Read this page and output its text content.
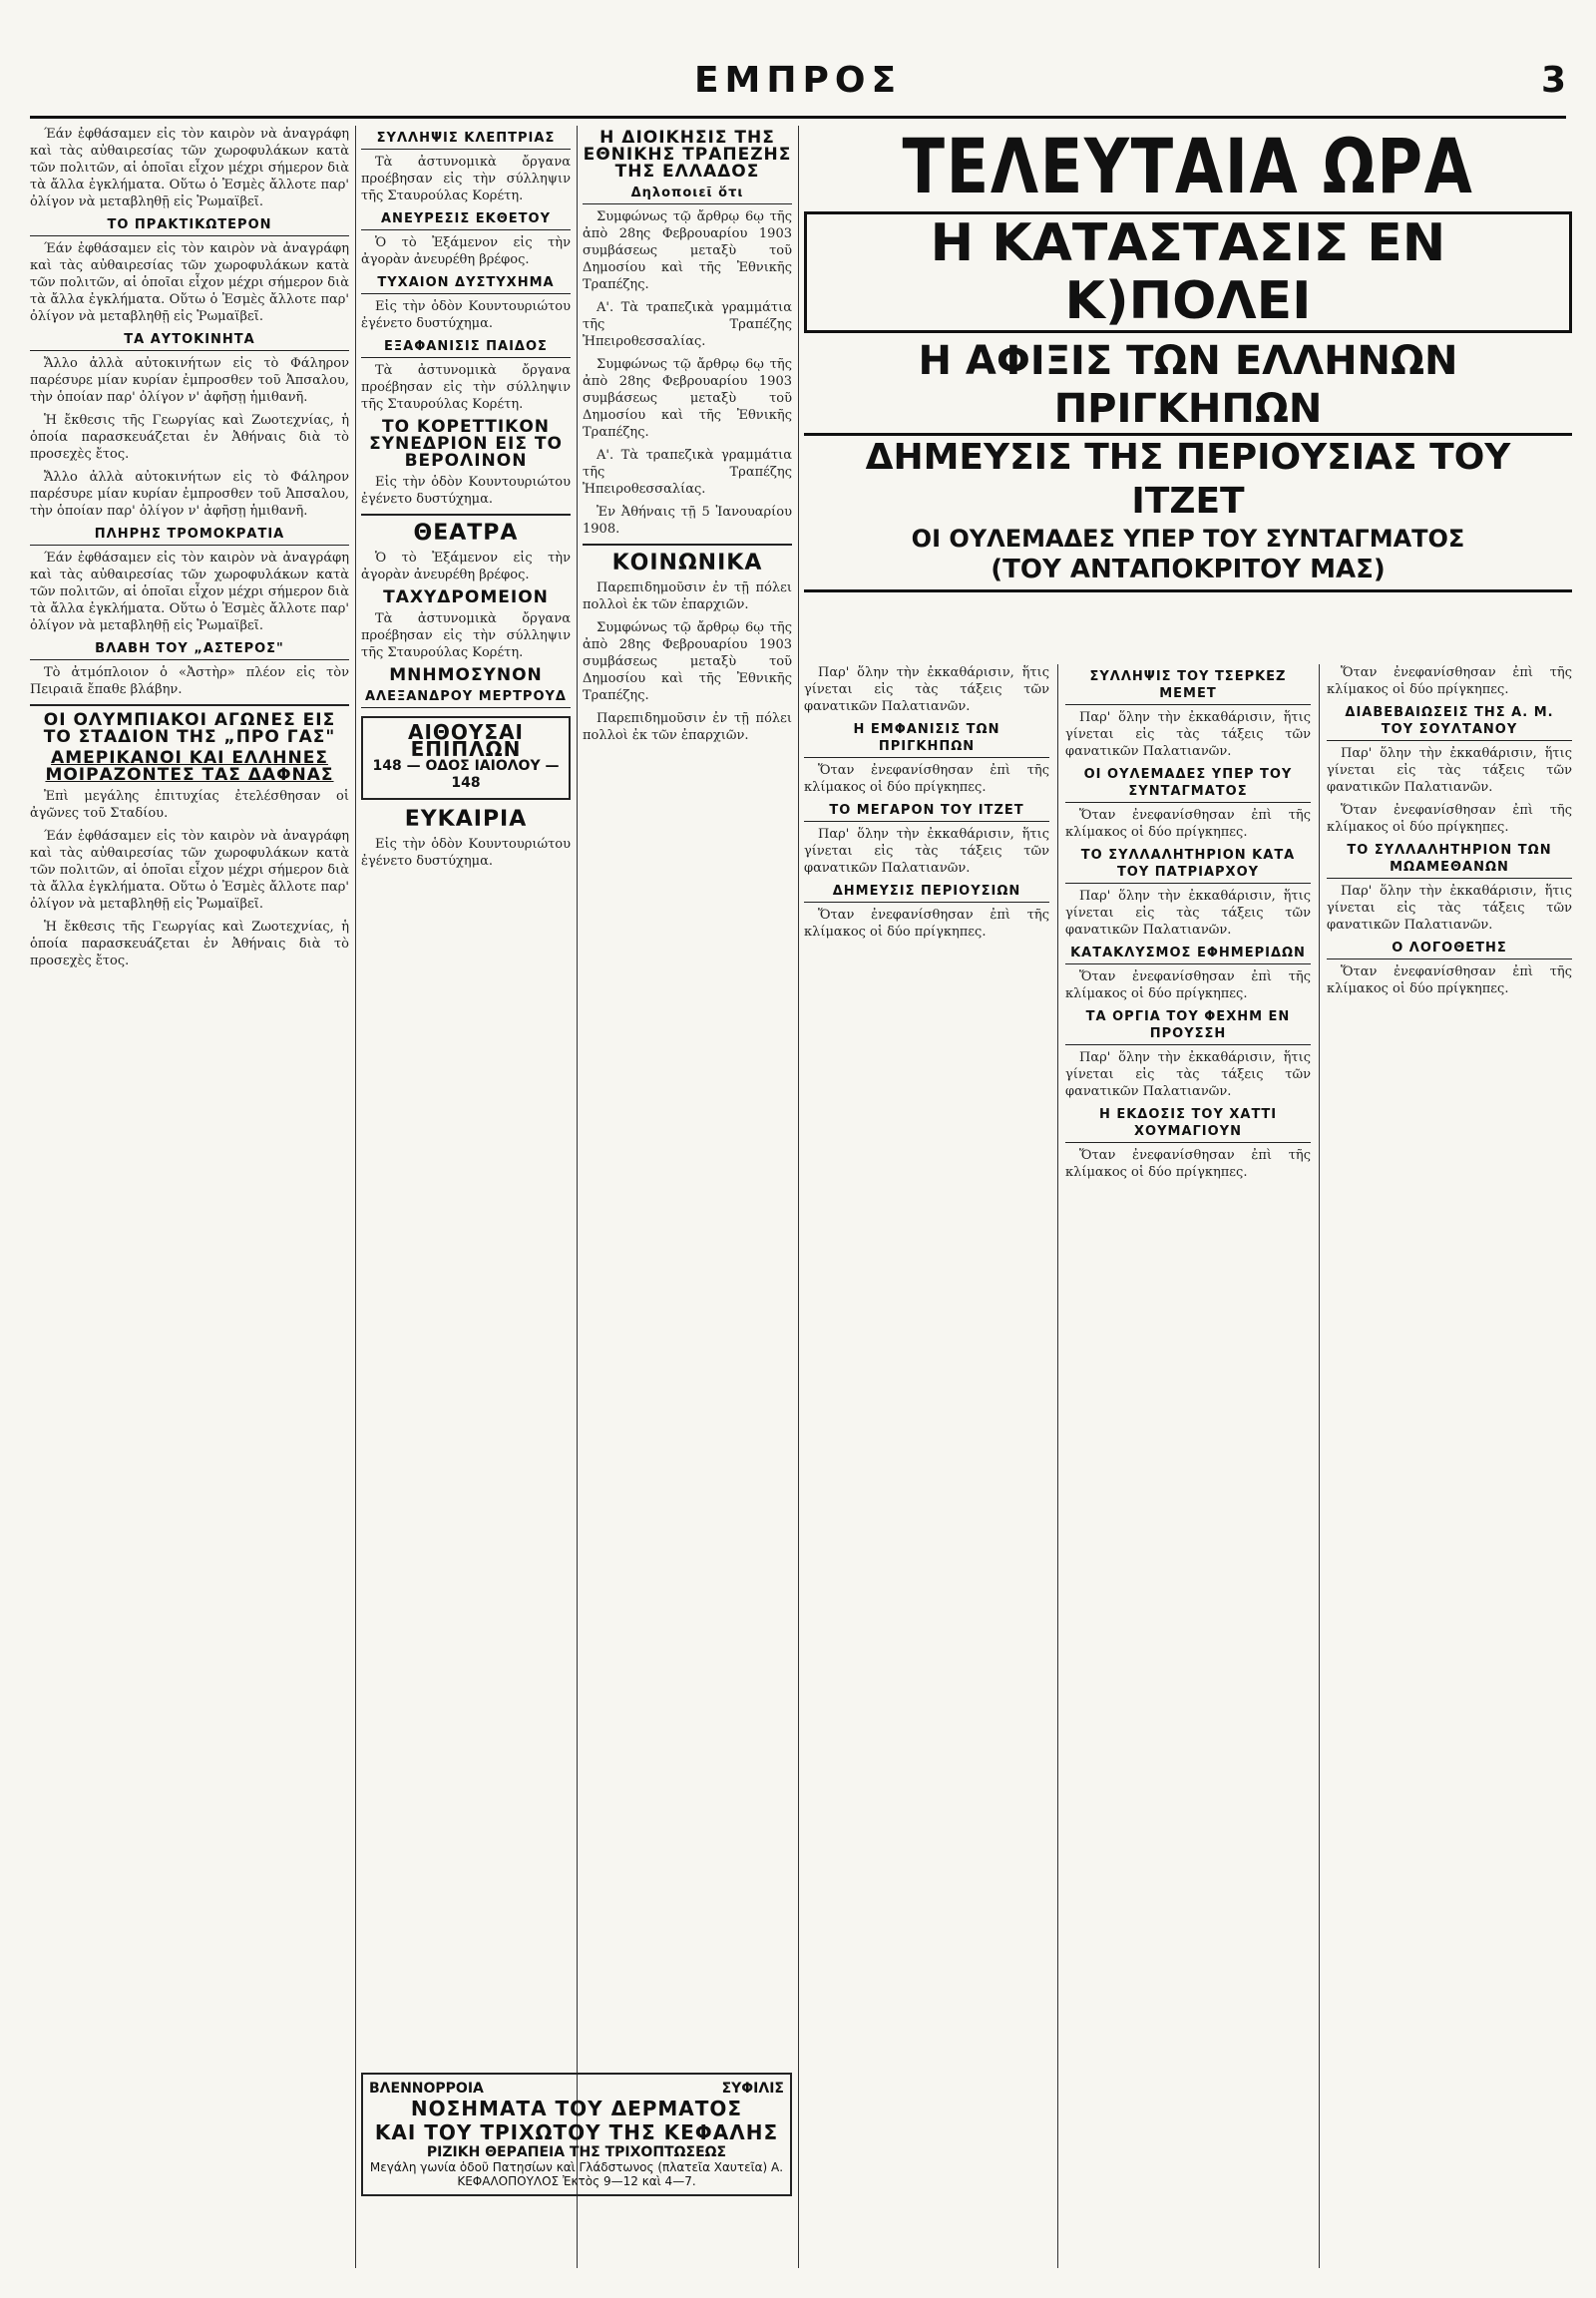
ΕΜΠΡΟΣ	3

Έάν ἐφθάσαμεν εἰς τὸν καιρὸν νὰ ἀναγράφη καὶ τὰς αὐθαιρεσίας τῶν χωροφυλάκων κατὰ τῶν πολιτῶν, αἱ ὁποῖαι εἶχον μέχρι σήμερον διὰ τὰ ἄλλα ἐγκλήματα. Οὕτω ὁ Ἐσμὲς ἄλλοτε παρ' ὀλίγον νὰ μεταβληθῇ εἰς Ῥωμαϊβεῖ.

ΤΟ ΠΡΑΚΤΙΚΩΤΕΡΟΝ

Έάν ἐφθάσαμεν εἰς τὸν καιρὸν νὰ ἀναγράφη καὶ τὰς αὐθαιρεσίας τῶν χωροφυλάκων κατὰ τῶν πολιτῶν, αἱ ὁποῖαι εἶχον μέχρι σήμερον διὰ τὰ ἄλλα ἐγκλήματα. Οὕτω ὁ Ἐσμὲς ἄλλοτε παρ' ὀλίγον νὰ μεταβληθῇ εἰς Ῥωμαϊβεῖ.

ΤΑ ΑΥΤΟΚΙΝΗΤΑ

Ἄλλο ἀλλὰ αὐτοκινήτων εἰς τὸ Φάληρον παρέσυρε μίαν κυρίαν ἐμπροσθεν τοῦ Ἀπσαλου, τὴν ὁποίαν παρ' ὀλίγον ν' ἀφῆσῃ ἡμιθανῆ.

Ἡ ἔκθεσις τῆς Γεωργίας καὶ Ζωοτεχνίας, ἡ ὁποία παρασκευάζεται ἐν Ἀθήναις διὰ τὸ προσεχὲς ἔτος.

Ἄλλο ἀλλὰ αὐτοκινήτων εἰς τὸ Φάληρον παρέσυρε μίαν κυρίαν ἐμπροσθεν τοῦ Ἀπσαλου, τὴν ὁποίαν παρ' ὀλίγον ν' ἀφῆσῃ ἡμιθανῆ.

ΠΛΗΡΗΣ ΤΡΟΜΟΚΡΑΤΙΑ

Έάν ἐφθάσαμεν εἰς τὸν καιρὸν νὰ ἀναγράφη καὶ τὰς αὐθαιρεσίας τῶν χωροφυλάκων κατὰ τῶν πολιτῶν, αἱ ὁποῖαι εἶχον μέχρι σήμερον διὰ τὰ ἄλλα ἐγκλήματα. Οὕτω ὁ Ἐσμὲς ἄλλοτε παρ' ὀλίγον νὰ μεταβληθῇ εἰς Ῥωμαϊβεῖ.

ΒΛΑΒΗ ΤΟΥ „ΑΣΤΕΡΟΣ"

Τὸ ἀτμόπλοιον ὁ «Ἀστὴρ» πλέον εἰς τὸν Πειραιᾶ ἔπαθε βλάβην.

ΟΙ ΟΛΥΜΠΙΑΚΟΙ ΑΓΩΝΕΣ ΕΙΣ ΤΟ ΣΤΑΔΙΟΝ ΤΗΣ „ΠΡΟ ΓΑΣ"
ΑΜΕΡΙΚΑΝΟΙ ΚΑΙ ΕΛΛΗΝΕΣ ΜΟΙΡΑΖΟΝΤΕΣ ΤΑΣ ΔΑΦΝΑΣ

Ἐπὶ μεγάλης ἐπιτυχίας ἐτελέσθησαν οἱ ἀγῶνες τοῦ Σταδίου.

Έάν ἐφθάσαμεν εἰς τὸν καιρὸν νὰ ἀναγράφη καὶ τὰς αὐθαιρεσίας τῶν χωροφυλάκων κατὰ τῶν πολιτῶν, αἱ ὁποῖαι εἶχον μέχρι σήμερον διὰ τὰ ἄλλα ἐγκλήματα. Οὕτω ὁ Ἐσμὲς ἄλλοτε παρ' ὀλίγον νὰ μεταβληθῇ εἰς Ῥωμαϊβεῖ.

Ἡ ἔκθεσις τῆς Γεωργίας καὶ Ζωοτεχνίας, ἡ ὁποία παρασκευάζεται ἐν Ἀθήναις διὰ τὸ προσεχὲς ἔτος.

ΣΥΛΛΗΨΙΣ ΚΛΕΠΤΡΙΑΣ

Τὰ ἀστυνομικὰ ὄργανα προέβησαν εἰς τὴν σύλληψιν τῆς Σταυρούλας Κορέτη.

ΑΝΕΥΡΕΣΙΣ ΕΚΘΕΤΟΥ

Ὁ τὸ Ἐξάμενον εἰς τὴν ἀγορὰν ἀνευρέθη βρέφος.

ΤΥΧΑΙΟΝ ΔΥΣΤΥΧΗΜΑ

Εἰς τὴν ὁδὸν Κουντουριώτου ἐγένετο δυστύχημα.

ΕΞΑΦΑΝΙΣΙΣ ΠΑΙΔΟΣ

Τὰ ἀστυνομικὰ ὄργανα προέβησαν εἰς τὴν σύλληψιν τῆς Σταυρούλας Κορέτη.

ΤΟ ΚΟΡΕΤΤΙΚΟΝ ΣΥΝΕΔΡΙΟΝ ΕΙΣ ΤΟ ΒΕΡΟΛΙΝΟΝ

Εἰς τὴν ὁδὸν Κουντουριώτου ἐγένετο δυστύχημα.

ΘΕΑΤΡΑ

Ὁ τὸ Ἐξάμενον εἰς τὴν ἀγορὰν ἀνευρέθη βρέφος.

ΤΑΧΥΔΡΟΜΕΙΟΝ

Τὰ ἀστυνομικὰ ὄργανα προέβησαν εἰς τὴν σύλληψιν τῆς Σταυρούλας Κορέτη.

ΜΝΗΜΟΣΥΝΟΝ
ΑΛΕΞΑΝΔΡΟΥ ΜΕΡΤΡΟΥΔ
ΑΙΘΟΥΣΑΙ ΕΠΙΠΛΩΝ
148 — ΟΔΟΣ ΙΑΙΟΛΟΥ — 148
ΕΥΚΑΙΡΙΑ

Εἰς τὴν ὁδὸν Κουντουριώτου ἐγένετο δυστύχημα.

Η ΔΙΟΙΚΗΣΙΣ ΤΗΣ ΕΘΝΙΚΗΣ ΤΡΑΠΕΖΗΣ ΤΗΣ ΕΛΛΑΔΟΣ
Δηλοποιεῖ ὅτι

Συμφώνως τῷ ἄρθρῳ 6ῳ τῆς ἀπὸ 28ης Φεβρουαρίου 1903 συμβάσεως μεταξὺ τοῦ Δημοσίου καὶ τῆς Ἐθνικῆς Τραπέζης.

Α'. Τὰ τραπεζικὰ γραμμάτια τῆς Τραπέζης Ἠπειροθεσσαλίας.

Συμφώνως τῷ ἄρθρῳ 6ῳ τῆς ἀπὸ 28ης Φεβρουαρίου 1903 συμβάσεως μεταξὺ τοῦ Δημοσίου καὶ τῆς Ἐθνικῆς Τραπέζης.

Α'. Τὰ τραπεζικὰ γραμμάτια τῆς Τραπέζης Ἠπειροθεσσαλίας.

Ἐν Ἀθήναις τῇ 5 Ἰανουαρίου 1908.

ΚΟΙΝΩΝΙΚΑ

Παρεπιδημοῦσιν ἐν τῇ πόλει πολλοὶ ἐκ τῶν ἐπαρχιῶν.

Συμφώνως τῷ ἄρθρῳ 6ῳ τῆς ἀπὸ 28ης Φεβρουαρίου 1903 συμβάσεως μεταξὺ τοῦ Δημοσίου καὶ τῆς Ἐθνικῆς Τραπέζης.

Παρεπιδημοῦσιν ἐν τῇ πόλει πολλοὶ ἐκ τῶν ἐπαρχιῶν.

ΤΕΛΕΥΤΑΙΑ ΩΡΑ
Η ΚΑΤΑΣΤΑΣΙΣ ΕΝ Κ)ΠΟΛΕΙ
Η ΑΦΙΞΙΣ ΤΩΝ ΕΛΛΗΝΩΝ ΠΡΙΓΚΗΠΩΝ
ΔΗΜΕΥΣΙΣ ΤΗΣ ΠΕΡΙΟΥΣΙΑΣ ΤΟΥ ΙΤΖΕΤ
ΟΙ ΟΥΛΕΜΑΔΕΣ ΥΠΕΡ ΤΟΥ ΣΥΝΤΑΓΜΑΤΟΣ
(ΤΟΥ ΑΝΤΑΠΟΚΡΙΤΟΥ ΜΑΣ)

Παρ' ὅλην τὴν ἐκκαθάρισιν, ἥτις γίνεται εἰς τὰς τάξεις τῶν φανατικῶν Παλατιανῶν.

Η ΕΜΦΑΝΙΣΙΣ ΤΩΝ ΠΡΙΓΚΗΠΩΝ

Ὅταν ἐνεφανίσθησαν ἐπὶ τῆς κλίμακος οἱ δύο πρίγκηπες.

ΤΟ ΜΕΓΑΡΟΝ ΤΟΥ ΙΤΖΕΤ

Παρ' ὅλην τὴν ἐκκαθάρισιν, ἥτις γίνεται εἰς τὰς τάξεις τῶν φανατικῶν Παλατιανῶν.

ΔΗΜΕΥΣΙΣ ΠΕΡΙΟΥΣΙΩΝ

Ὅταν ἐνεφανίσθησαν ἐπὶ τῆς κλίμακος οἱ δύο πρίγκηπες.

ΣΥΛΛΗΨΙΣ ΤΟΥ ΤΣΕΡΚΕΖ ΜΕΜΕΤ

Παρ' ὅλην τὴν ἐκκαθάρισιν, ἥτις γίνεται εἰς τὰς τάξεις τῶν φανατικῶν Παλατιανῶν.

ΟΙ ΟΥΛΕΜΑΔΕΣ ΥΠΕΡ ΤΟΥ ΣΥΝΤΑΓΜΑΤΟΣ

Ὅταν ἐνεφανίσθησαν ἐπὶ τῆς κλίμακος οἱ δύο πρίγκηπες.

ΤΟ ΣΥΛΛΑΛΗΤΗΡΙΟΝ ΚΑΤΑ ΤΟΥ ΠΑΤΡΙΑΡΧΟΥ

Παρ' ὅλην τὴν ἐκκαθάρισιν, ἥτις γίνεται εἰς τὰς τάξεις τῶν φανατικῶν Παλατιανῶν.

ΚΑΤΑΚΛΥΣΜΟΣ ΕΦΗΜΕΡΙΔΩΝ

Ὅταν ἐνεφανίσθησαν ἐπὶ τῆς κλίμακος οἱ δύο πρίγκηπες.

ΤΑ ΟΡΓΙΑ ΤΟΥ ΦΕΧΗΜ ΕΝ ΠΡΟΥΣΣΗ

Παρ' ὅλην τὴν ἐκκαθάρισιν, ἥτις γίνεται εἰς τὰς τάξεις τῶν φανατικῶν Παλατιανῶν.

Η ΕΚΔΟΣΙΣ ΤΟΥ ΧΑΤΤΙ ΧΟΥΜΑΓΙΟΥΝ

Ὅταν ἐνεφανίσθησαν ἐπὶ τῆς κλίμακος οἱ δύο πρίγκηπες.

Ὅταν ἐνεφανίσθησαν ἐπὶ τῆς κλίμακος οἱ δύο πρίγκηπες.

ΔΙΑΒΕΒΑΙΩΣΕΙΣ ΤΗΣ Α. Μ. ΤΟΥ ΣΟΥΛΤΑΝΟΥ

Παρ' ὅλην τὴν ἐκκαθάρισιν, ἥτις γίνεται εἰς τὰς τάξεις τῶν φανατικῶν Παλατιανῶν.

Ὅταν ἐνεφανίσθησαν ἐπὶ τῆς κλίμακος οἱ δύο πρίγκηπες.

ΤΟ ΣΥΛΛΑΛΗΤΗΡΙΟΝ ΤΩΝ ΜΩΑΜΕΘΑΝΩΝ

Παρ' ὅλην τὴν ἐκκαθάρισιν, ἥτις γίνεται εἰς τὰς τάξεις τῶν φανατικῶν Παλατιανῶν.

Ο ΛΟΓΟΘΕΤΗΣ

Ὅταν ἐνεφανίσθησαν ἐπὶ τῆς κλίμακος οἱ δύο πρίγκηπες.

ΒΛΕΝΝΟΡΡΟΙΑ	ΣΥΦΙΛΙΣ
ΝΟΣΗΜΑΤΑ ΤΟΥ ΔΕΡΜΑΤΟΣ
ΚΑΙ ΤΟΥ ΤΡΙΧΩΤΟΥ ΤΗΣ ΚΕΦΑΛΗΣ
ΡΙΖΙΚΗ ΘΕΡΑΠΕΙΑ ΤΗΣ ΤΡΙΧΟΠΤΩΣΕΩΣ
Μεγάλη γωνία ὁδοῦ Πατησίων καὶ Γλάδστωνος (πλατεῖα Χαυτεῖα) Α. ΚΕΦΑΛΟΠΟΥΛΟΣ Ἐκτὸς 9—12 καὶ 4—7.
